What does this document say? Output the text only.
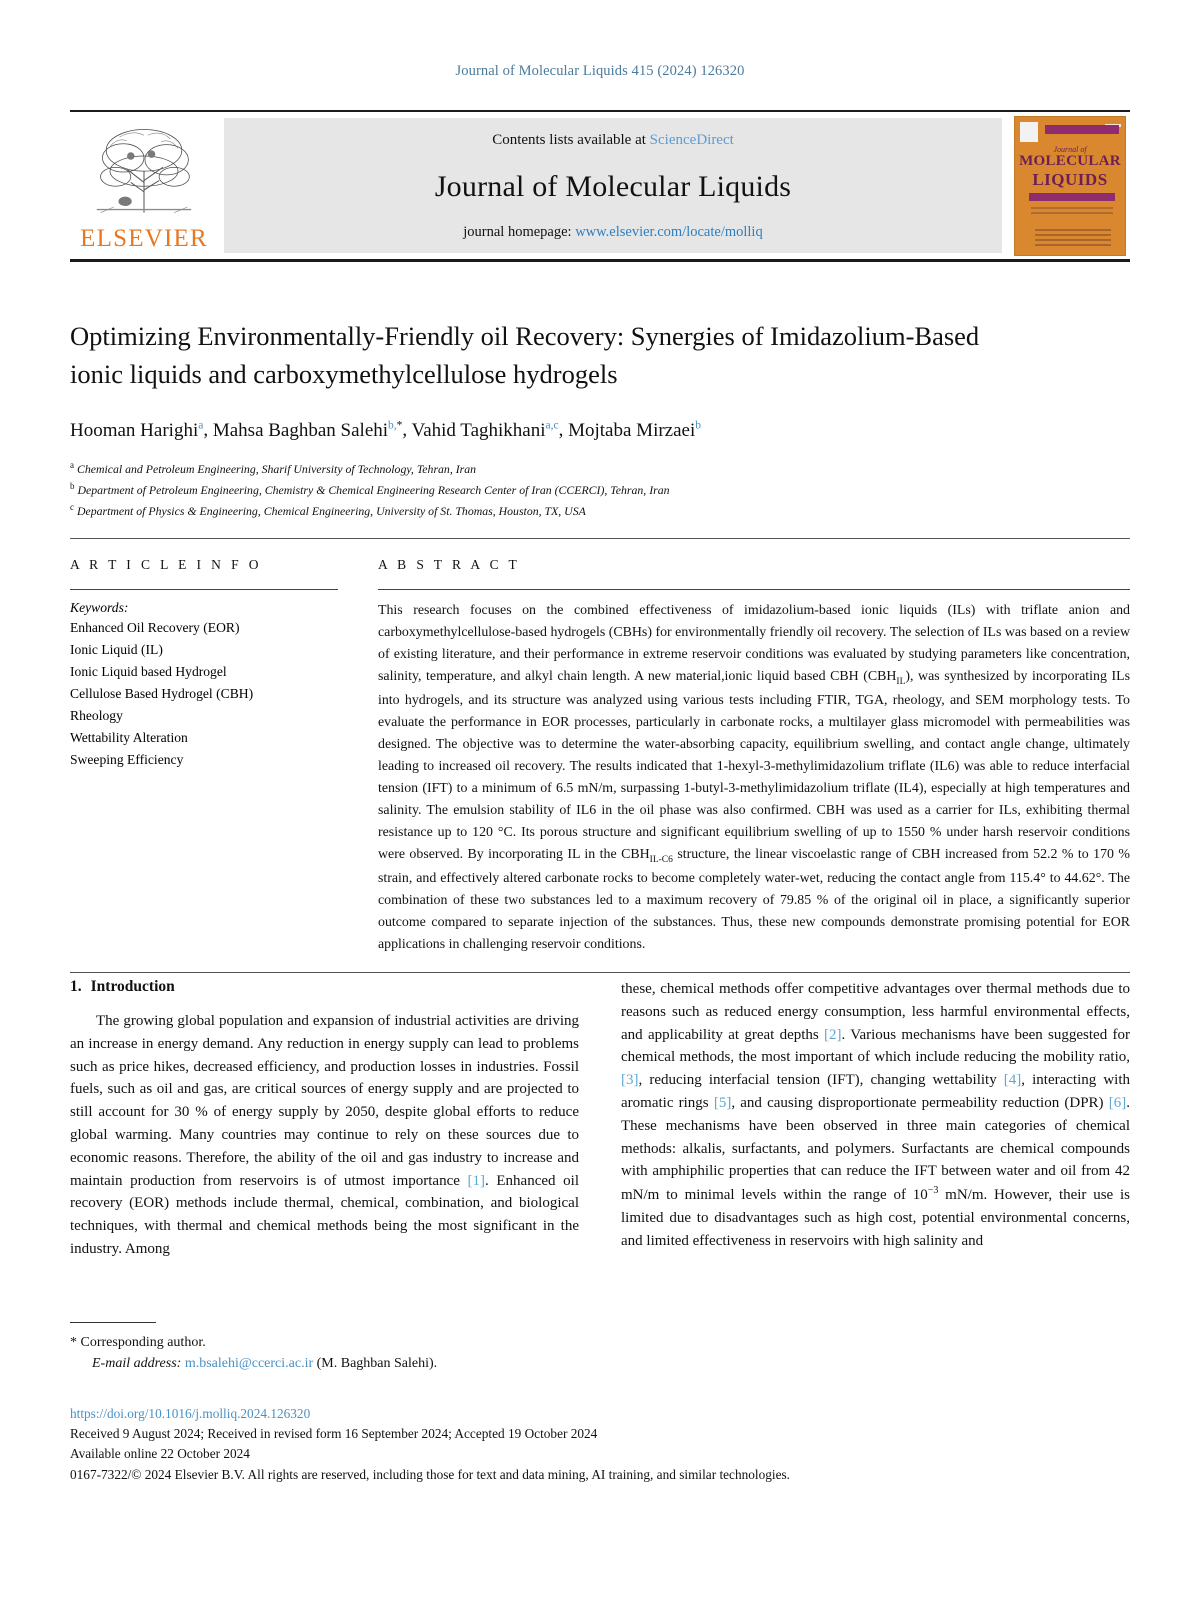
Journal of Molecular Liquids 415 (2024) 126320
ELSEVIER
Contents lists available at ScienceDirect
Journal of Molecular Liquids
journal homepage: www.elsevier.com/locate/molliq
Journal of
MOLECULAR
LIQUIDS
Optimizing Environmentally-Friendly oil Recovery: Synergies of Imidazolium-Based ionic liquids and carboxymethylcellulose hydrogels
Hooman Harighi$^a$, Mahsa Baghban Salehi$^{b,*}$, Vahid Taghikhani$^{a,c}$, Mojtaba Mirzaei$^b$
$^a$ Chemical and Petroleum Engineering, Sharif University of Technology, Tehran, Iran
$^b$ Department of Petroleum Engineering, Chemistry & Chemical Engineering Research Center of Iran (CCERCI), Tehran, Iran
$^c$ Department of Physics & Engineering, Chemical Engineering, University of St. Thomas, Houston, TX, USA
A R T I C L E I N F O
Keywords:
Enhanced Oil Recovery (EOR)
Ionic Liquid (IL)
Ionic Liquid based Hydrogel
Cellulose Based Hydrogel (CBH)
Rheology
Wettability Alteration
Sweeping Efficiency
A B S T R A C T
This research focuses on the combined effectiveness of imidazolium-based ionic liquids (ILs) with triflate anion and carboxymethylcellulose-based hydrogels (CBHs) for environmentally friendly oil recovery. The selection of ILs was based on a review of existing literature, and their performance in extreme reservoir conditions was evaluated by studying parameters like concentration, salinity, temperature, and alkyl chain length. A new material,ionic liquid based CBH $(CBH_{IL})$, was synthesized by incorporating ILs into hydrogels, and its structure was analyzed using various tests including FTIR, TGA, rheology, and SEM morphology tests. To evaluate the performance in EOR processes, particularly in carbonate rocks, a multilayer glass micromodel with permeabilities was designed. The objective was to determine the water-absorbing capacity, equilibrium swelling, and contact angle change, ultimately leading to increased oil recovery. The results indicated that 1-hexyl-3-methylimidazolium triflate (IL6) was able to reduce interfacial tension (IFT) to a minimum of 6.5 mN/m, surpassing 1-butyl-3-methylimidazolium triflate (IL4), especially at high temperatures and salinity. The emulsion stability of IL6 in the oil phase was also confirmed. CBH was used as a carrier for ILs, exhibiting thermal resistance up to 120 °C. Its porous structure and significant equilibrium swelling of up to 1550 % under harsh reservoir conditions were observed. By incorporating IL in the $CBH_{IL-C6}$ structure, the linear viscoelastic range of CBH increased from 52.2 % to 170 % strain, and effectively altered carbonate rocks to become completely water-wet, reducing the contact angle from 115.4° to 44.62°. The combination of these two substances led to a maximum recovery of 79.85 % of the original oil in place, a significantly superior outcome compared to separate injection of the substances. Thus, these new compounds demonstrate promising potential for EOR applications in challenging reservoir conditions.
1. Introduction

The growing global population and expansion of industrial activities are driving an increase in energy demand. Any reduction in energy supply can lead to problems such as price hikes, decreased efficiency, and production losses in industries. Fossil fuels, such as oil and gas, are critical sources of energy supply and are projected to still account for 30 % of energy supply by 2050, despite global efforts to reduce global warming. Many countries may continue to rely on these sources due to economic reasons. Therefore, the ability of the oil and gas industry to increase and maintain production from reservoirs is of utmost importance [1]. Enhanced oil recovery (EOR) methods include thermal, chemical, combination, and biological techniques, with thermal and chemical methods being the most significant in the industry. Among

these, chemical methods offer competitive advantages over thermal methods due to reasons such as reduced energy consumption, less harmful environmental effects, and applicability at great depths [2]. Various mechanisms have been suggested for chemical methods, the most important of which include reducing the mobility ratio, [3], reducing interfacial tension (IFT), changing wettability [4], interacting with aromatic rings [5], and causing disproportionate permeability reduction (DPR) [6]. These mechanisms have been observed in three main categories of chemical methods: alkalis, surfactants, and polymers. Surfactants are chemical compounds with amphiphilic properties that can reduce the IFT between water and oil from 42 mN/m to minimal levels within the range of $10^{-3}$ mN/m. However, their use is limited due to disadvantages such as high cost, potential environmental concerns, and limited effectiveness in reservoirs with high salinity and

* Corresponding author.
E-mail address: m.bsalehi@ccerci.ac.ir (M. Baghban Salehi).
https://doi.org/10.1016/j.molliq.2024.126320
Received 9 August 2024; Received in revised form 16 September 2024; Accepted 19 October 2024
Available online 22 October 2024
0167-7322/© 2024 Elsevier B.V. All rights are reserved, including those for text and data mining, AI training, and similar technologies.
